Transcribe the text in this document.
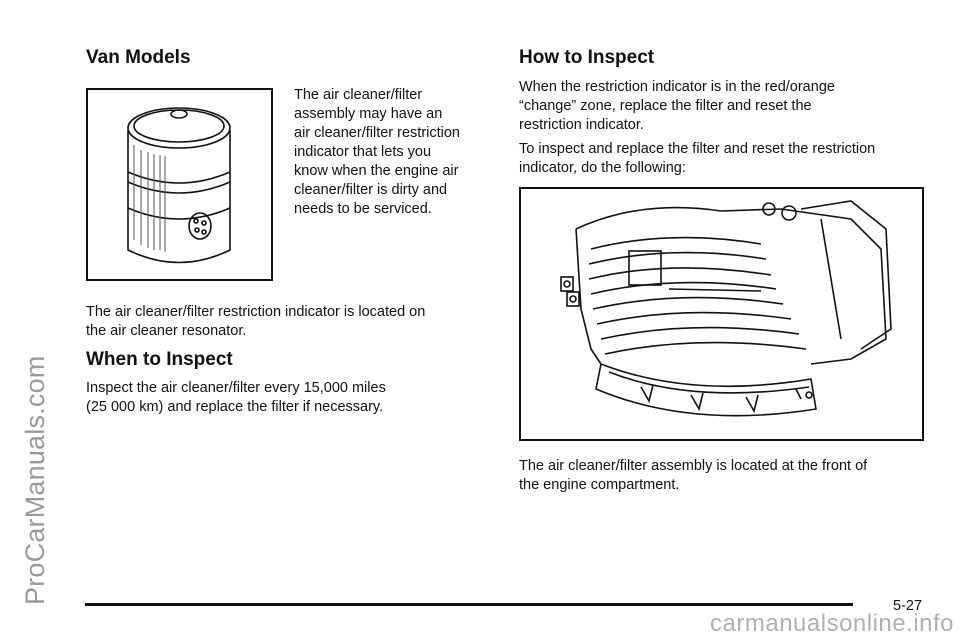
ProCarManuals.com
Van Models

The air cleaner/filter
assembly may have an
air cleaner/filter restriction
indicator that lets you
know when the engine air
cleaner/filter is dirty and
needs to be serviced.

The air cleaner/filter restriction indicator is located on
the air cleaner resonator.

When to Inspect

Inspect the air cleaner/filter every 15,000 miles
(25 000 km) and replace the filter if necessary.

How to Inspect

When the restriction indicator is in the red/orange
“change” zone, replace the filter and reset the
restriction indicator.

To inspect and replace the filter and reset the restriction
indicator, do the following:

The air cleaner/filter assembly is located at the front of
the engine compartment.

5-27
carmanualsonline.info
